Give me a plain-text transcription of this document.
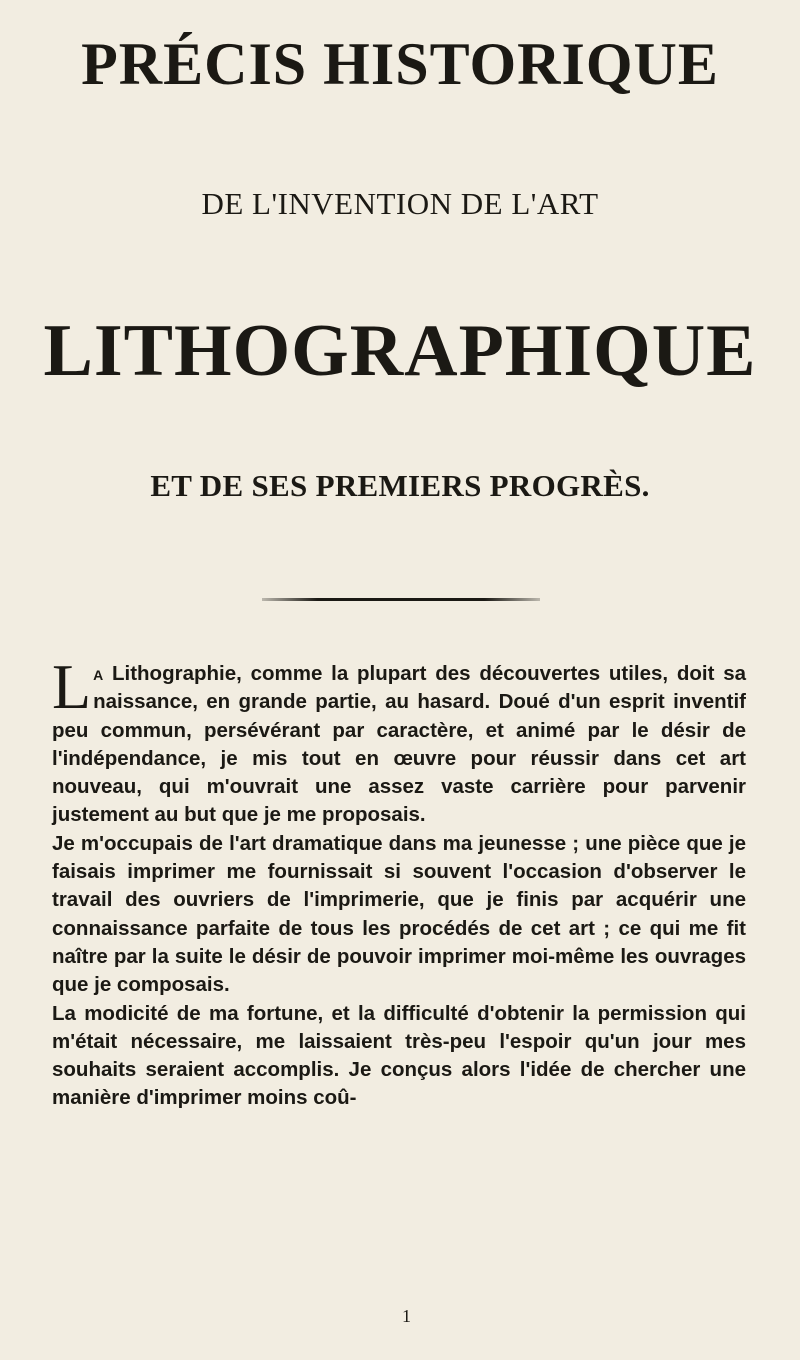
PRÉCIS HISTORIQUE
DE L'INVENTION DE L'ART
LITHOGRAPHIQUE
ET DE SES PREMIERS PROGRÈS.

La Lithographie, comme la plupart des découvertes utiles, doit sa naissance, en grande partie, au hasard. Doué d'un esprit inventif peu commun, persévérant par caractère, et animé par le désir de l'indépendance, je mis tout en œuvre pour réussir dans cet art nouveau, qui m'ouvrait une assez vaste carrière pour parvenir justement au but que je me proposais.

Je m'occupais de l'art dramatique dans ma jeunesse ; une pièce que je faisais imprimer me fournissait si souvent l'occasion d'observer le travail des ouvriers de l'imprimerie, que je finis par acquérir une connaissance parfaite de tous les procédés de cet art ; ce qui me fit naître par la suite le désir de pouvoir imprimer moi-même les ouvrages que je composais.

La modicité de ma fortune, et la difficulté d'obtenir la permission qui m'était nécessaire, me laissaient très-peu l'espoir qu'un jour mes souhaits seraient accomplis. Je conçus alors l'idée de chercher une manière d'imprimer moins coû-

1
